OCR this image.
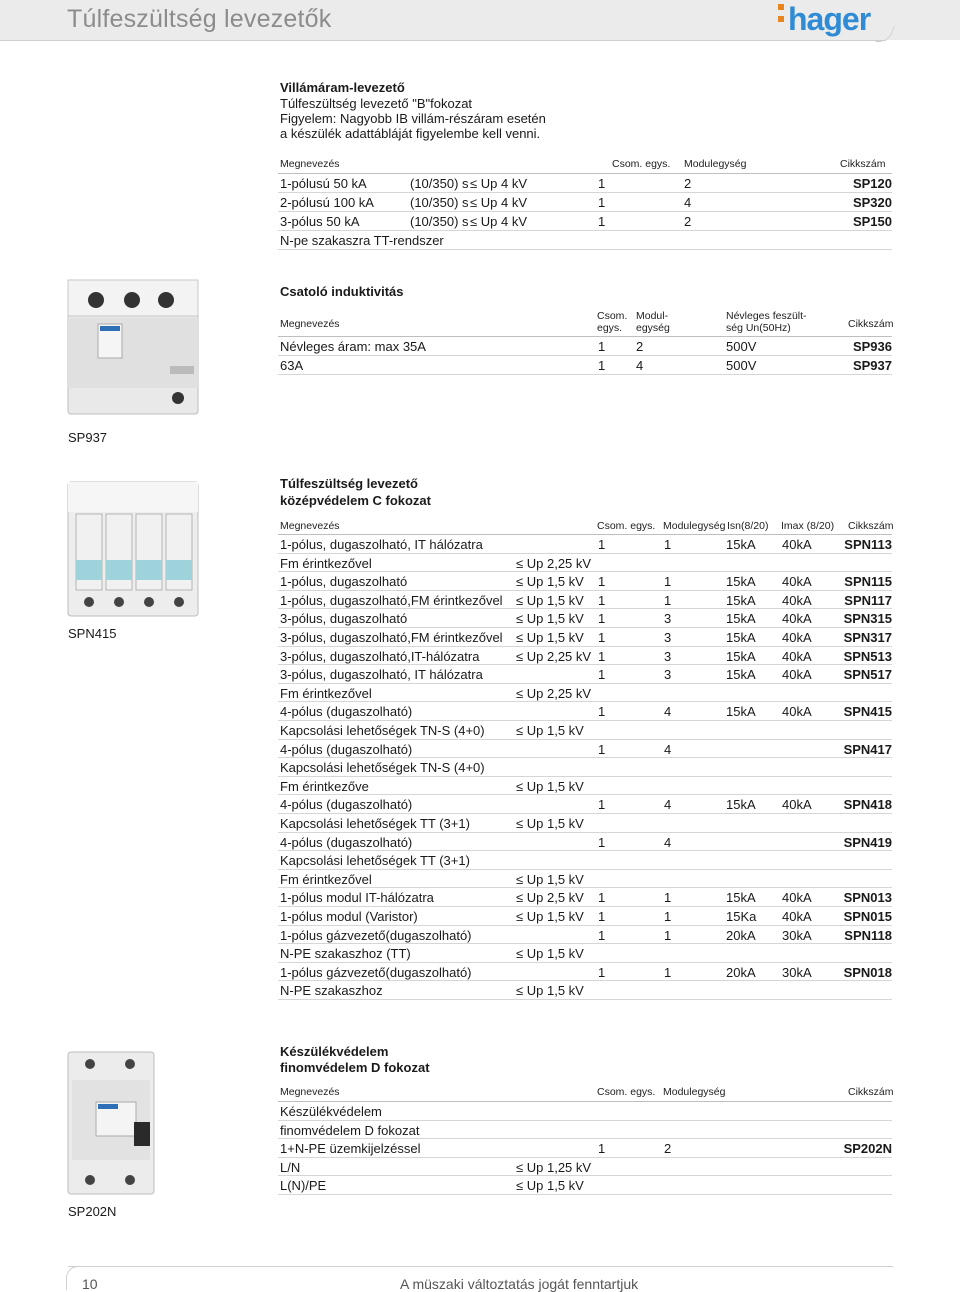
Túlfeszültség levezetők	hager
Villámáram-levezető
Túlfeszültség levezető "B"fokozat
Figyelem: Nagyobb IB villám-részáram esetén
a készülék adattábláját figyelembe kell venni.
Megnevezés	Csom. egys. Modulegység	Cikkszám
1-pólusú 50 kA	(10/350) s ≤ Up 4 kV	1	2	SP120
2-pólusú 100 kA	(10/350) s ≤ Up 4 kV	1	4	SP320
3-pólus 50 kA	(10/350) s ≤ Up 4 kV	1	2	SP150
N-pe szakaszra TT-rendszer
Csatoló induktivitás
Megnevezés
Csom.
egys.
Modul-
egység
Névleges feszült-
ség Un(50Hz)	Cikkszám
Névleges áram: max 35A	1 2	500V	SP936
63A	1 4	500V	SP937
SP937
SPN415
Túlfeszültség levezető
középvédelem C fokozat
Megnevezés	Csom. egys. Modulegység Isn(8/20) Imax (8/20) Cikkszám
1-pólus, dugaszolható, IT hálózatra	1	1	15kA 40kA	SPN113
Fm érintkezővel	≤ Up 2,25 kV
1-pólus, dugaszolható	≤ Up 1,5 kV 1	1	15kA 40kA	SPN115
1-pólus, dugaszolható,FM érintkezővel ≤ Up 1,5 kV 1	1	15kA 40kA	SPN117
3-pólus, dugaszolható	≤ Up 1,5 kV 1	3	15kA 40kA SPN315
3-pólus, dugaszolható,FM érintkezővel ≤ Up 1,5 kV 1	3	15kA 40kA SPN317
3-pólus, dugaszolható,IT-hálózatra	≤ Up 2,25 kV 1	3	15kA 40kA SPN513
3-pólus, dugaszolható, IT hálózatra	1	3	15kA 40kA SPN517
Fm érintkezővel	≤ Up 2,25 kV
4-pólus (dugaszolható)	1	4	15kA 40kA SPN415
Kapcsolási lehetőségek TN-S (4+0) ≤ Up 1,5 kV
4-pólus (dugaszolható)	1	4	SPN417
Kapcsolási lehetőségek TN-S (4+0)
Fm érintkezőve	≤ Up 1,5 kV
4-pólus (dugaszolható)	1	4	15kA 40kA SPN418
Kapcsolási lehetőségek TT (3+1)	≤ Up 1,5 kV
4-pólus (dugaszolható)	1	4	SPN419
Kapcsolási lehetőségek TT (3+1)
Fm érintkezővel	≤ Up 1,5 kV
1-pólus modul IT-hálózatra	≤ Up 2,5 kV 1	1	15kA 40kA SPN013
1-pólus modul (Varistor)	≤ Up 1,5 kV 1	1	15Ka 40kA SPN015
1-pólus gázvezető(dugaszolható)	1	1	20kA 30kA	SPN118
N-PE szakaszhoz (TT)	≤ Up 1,5 kV
1-pólus gázvezető(dugaszolható)	1	1	20kA 30kA SPN018
N-PE szakaszhoz	≤ Up 1,5 kV
SP202N
Készülékvédelem
finomvédelem D fokozat
Megnevezés	Csom. egys. Modulegység	Cikkszám
Készülékvédelem
finomvédelem D fokozat
1+N-PE üzemkijelzéssel	1	2	SP202N
L/N	≤ Up 1,25 kV
L(N)/PE	≤ Up 1,5 kV
10	A müszaki változtatás jogát fenntartjuk
